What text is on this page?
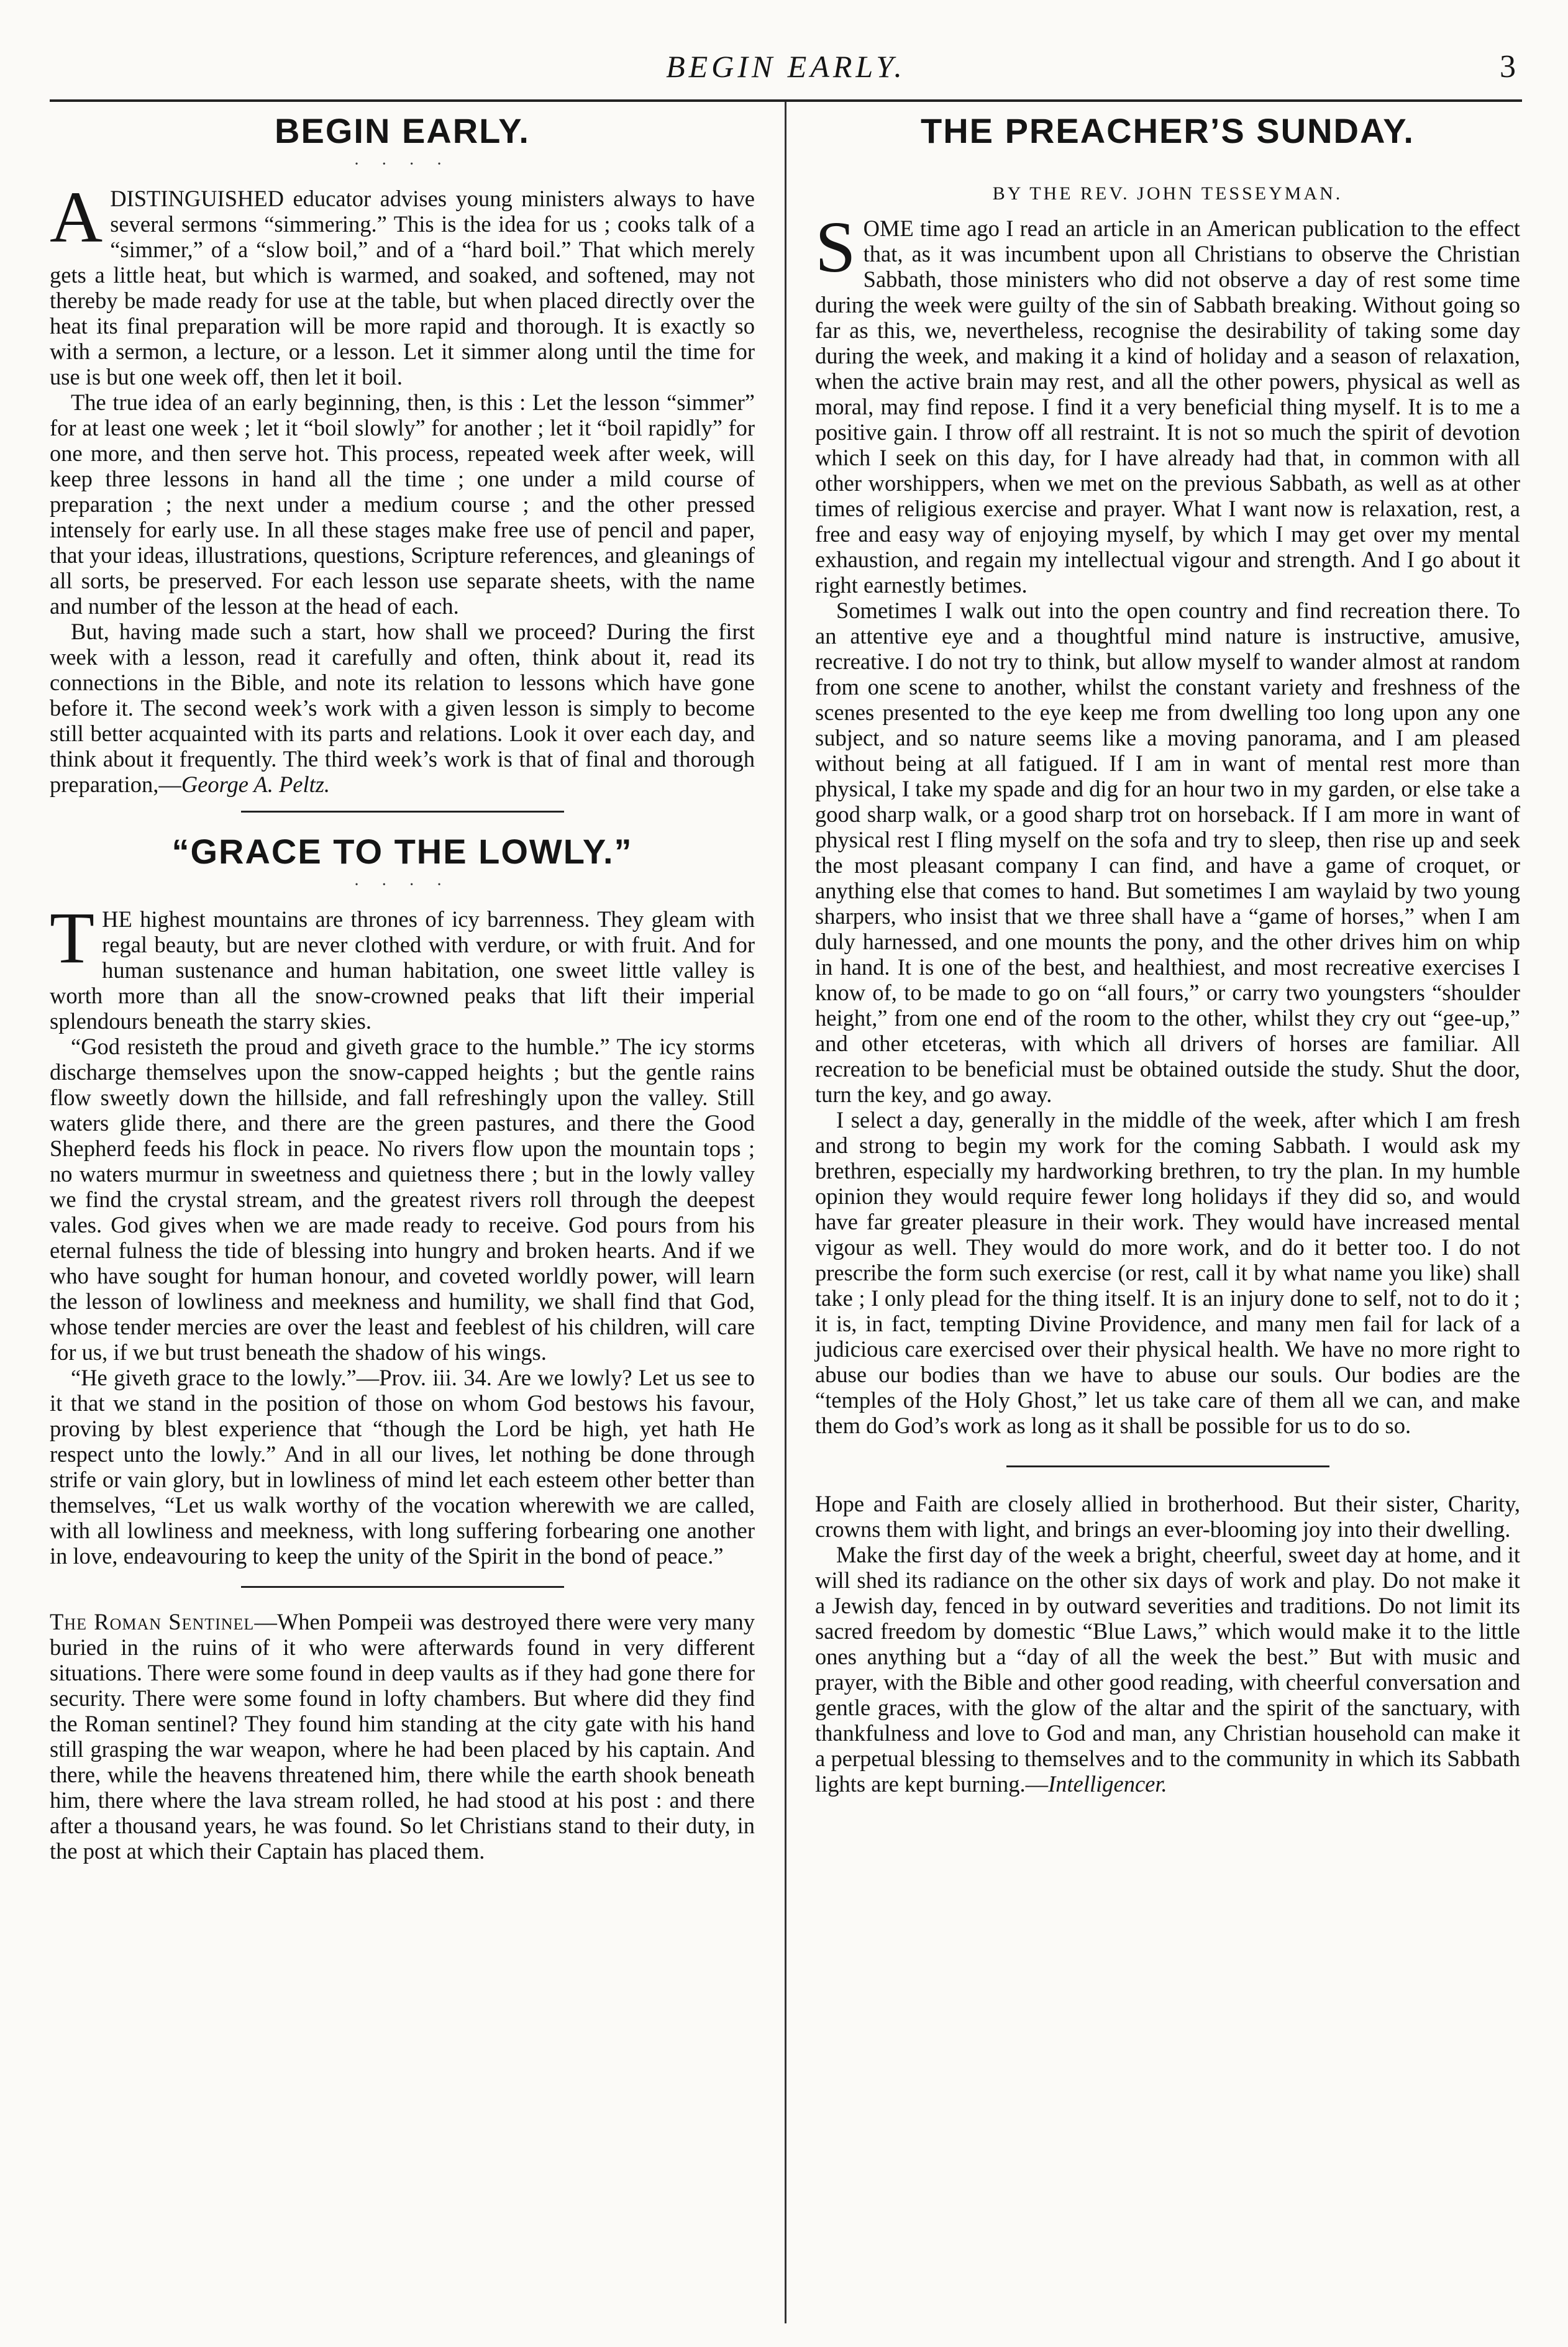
BEGIN EARLY.	3
BEGIN EARLY.
· · · ·

ADISTINGUISHED educator advises young ministers always to have several sermons “simmering.” This is the idea for us ; cooks talk of a “simmer,” of a “slow boil,” and of a “hard boil.” That which merely gets a little heat, but which is warmed, and soaked, and softened, may not thereby be made ready for use at the table, but when placed directly over the heat its final preparation will be more rapid and thorough. It is exactly so with a sermon, a lecture, or a lesson. Let it simmer along until the time for use is but one week off, then let it boil.

The true idea of an early beginning, then, is this : Let the lesson “simmer” for at least one week ; let it “boil slowly” for another ; let it “boil rapidly” for one more, and then serve hot. This process, repeated week after week, will keep three lessons in hand all the time ; one under a mild course of preparation ; the next under a medium course ; and the other pressed intensely for early use. In all these stages make free use of pencil and paper, that your ideas, illustrations, questions, Scripture references, and gleanings of all sorts, be preserved. For each lesson use separate sheets, with the name and number of the lesson at the head of each.

But, having made such a start, how shall we proceed? During the first week with a lesson, read it carefully and often, think about it, read its connections in the Bible, and note its relation to lessons which have gone before it. The second week’s work with a given lesson is simply to become still better acquainted with its parts and relations. Look it over each day, and think about it frequently. The third week’s work is that of final and thorough preparation,—George A. Peltz.

“GRACE TO THE LOWLY.”
· · · ·

THE highest mountains are thrones of icy barrenness. They gleam with regal beauty, but are never clothed with verdure, or with fruit. And for human sustenance and human habitation, one sweet little valley is worth more than all the snow-crowned peaks that lift their imperial splendours beneath the starry skies.

“God resisteth the proud and giveth grace to the humble.” The icy storms discharge themselves upon the snow-capped heights ; but the gentle rains flow sweetly down the hillside, and fall refreshingly upon the valley. Still waters glide there, and there are the green pastures, and there the Good Shepherd feeds his flock in peace. No rivers flow upon the mountain tops ; no waters murmur in sweetness and quietness there ; but in the lowly valley we find the crystal stream, and the greatest rivers roll through the deepest vales. God gives when we are made ready to receive. God pours from his eternal fulness the tide of blessing into hungry and broken hearts. And if we who have sought for human honour, and coveted worldly power, will learn the lesson of lowliness and meekness and humility, we shall find that God, whose tender mercies are over the least and feeblest of his children, will care for us, if we but trust beneath the shadow of his wings.

“He giveth grace to the lowly.”—Prov. iii. 34. Are we lowly? Let us see to it that we stand in the position of those on whom God bestows his favour, proving by blest experience that “though the Lord be high, yet hath He respect unto the lowly.” And in all our lives, let nothing be done through strife or vain glory, but in lowliness of mind let each esteem other better than themselves, “Let us walk worthy of the vocation wherewith we are called, with all lowliness and meekness, with long suffering forbearing one another in love, endeavouring to keep the unity of the Spirit in the bond of peace.”

The Roman Sentinel—When Pompeii was destroyed there were very many buried in the ruins of it who were afterwards found in very different situations. There were some found in deep vaults as if they had gone there for security. There were some found in lofty chambers. But where did they find the Roman sentinel? They found him standing at the city gate with his hand still grasping the war weapon, where he had been placed by his captain. And there, while the heavens threatened him, there while the earth shook beneath him, there where the lava stream rolled, he had stood at his post : and there after a thousand years, he was found. So let Christians stand to their duty, in the post at which their Captain has placed them.

THE PREACHER’S SUNDAY.
BY THE REV. JOHN TESSEYMAN.

SOME time ago I read an article in an American publication to the effect that, as it was incumbent upon all Christians to observe the Christian Sabbath, those ministers who did not observe a day of rest some time during the week were guilty of the sin of Sabbath breaking. Without going so far as this, we, nevertheless, recognise the desirability of taking some day during the week, and making it a kind of holiday and a season of relaxation, when the active brain may rest, and all the other powers, physical as well as moral, may find repose. I find it a very beneficial thing myself. It is to me a positive gain. I throw off all restraint. It is not so much the spirit of devotion which I seek on this day, for I have already had that, in common with all other worshippers, when we met on the previous Sabbath, as well as at other times of religious exercise and prayer. What I want now is relaxation, rest, a free and easy way of enjoying myself, by which I may get over my mental exhaustion, and regain my intellectual vigour and strength. And I go about it right earnestly betimes.

Sometimes I walk out into the open country and find recreation there. To an attentive eye and a thoughtful mind nature is instructive, amusive, recreative. I do not try to think, but allow myself to wander almost at random from one scene to another, whilst the constant variety and freshness of the scenes presented to the eye keep me from dwelling too long upon any one subject, and so nature seems like a moving panorama, and I am pleased without being at all fatigued. If I am in want of mental rest more than physical, I take my spade and dig for an hour two in my garden, or else take a good sharp walk, or a good sharp trot on horseback. If I am more in want of physical rest I fling myself on the sofa and try to sleep, then rise up and seek the most pleasant company I can find, and have a game of croquet, or anything else that comes to hand. But sometimes I am waylaid by two young sharpers, who insist that we three shall have a “game of horses,” when I am duly harnessed, and one mounts the pony, and the other drives him on whip in hand. It is one of the best, and healthiest, and most recreative exercises I know of, to be made to go on “all fours,” or carry two youngsters “shoulder height,” from one end of the room to the other, whilst they cry out “gee-up,” and other etceteras, with which all drivers of horses are familiar. All recreation to be beneficial must be obtained outside the study. Shut the door, turn the key, and go away.

I select a day, generally in the middle of the week, after which I am fresh and strong to begin my work for the coming Sabbath. I would ask my brethren, especially my hardworking brethren, to try the plan. In my humble opinion they would require fewer long holidays if they did so, and would have far greater pleasure in their work. They would have increased mental vigour as well. They would do more work, and do it better too. I do not prescribe the form such exercise (or rest, call it by what name you like) shall take ; I only plead for the thing itself. It is an injury done to self, not to do it ; it is, in fact, tempting Divine Providence, and many men fail for lack of a judicious care exercised over their physical health. We have no more right to abuse our bodies than we have to abuse our souls. Our bodies are the “temples of the Holy Ghost,” let us take care of them all we can, and make them do God’s work as long as it shall be possible for us to do so.

Hope and Faith are closely allied in brotherhood. But their sister, Charity, crowns them with light, and brings an ever-blooming joy into their dwelling.

Make the first day of the week a bright, cheerful, sweet day at home, and it will shed its radiance on the other six days of work and play. Do not make it a Jewish day, fenced in by outward severities and traditions. Do not limit its sacred freedom by domestic “Blue Laws,” which would make it to the little ones anything but a “day of all the week the best.” But with music and prayer, with the Bible and other good reading, with cheerful conversation and gentle graces, with the glow of the altar and the spirit of the sanctuary, with thankfulness and love to God and man, any Christian household can make it a perpetual blessing to themselves and to the community in which its Sabbath lights are kept burning.—Intelligencer.
